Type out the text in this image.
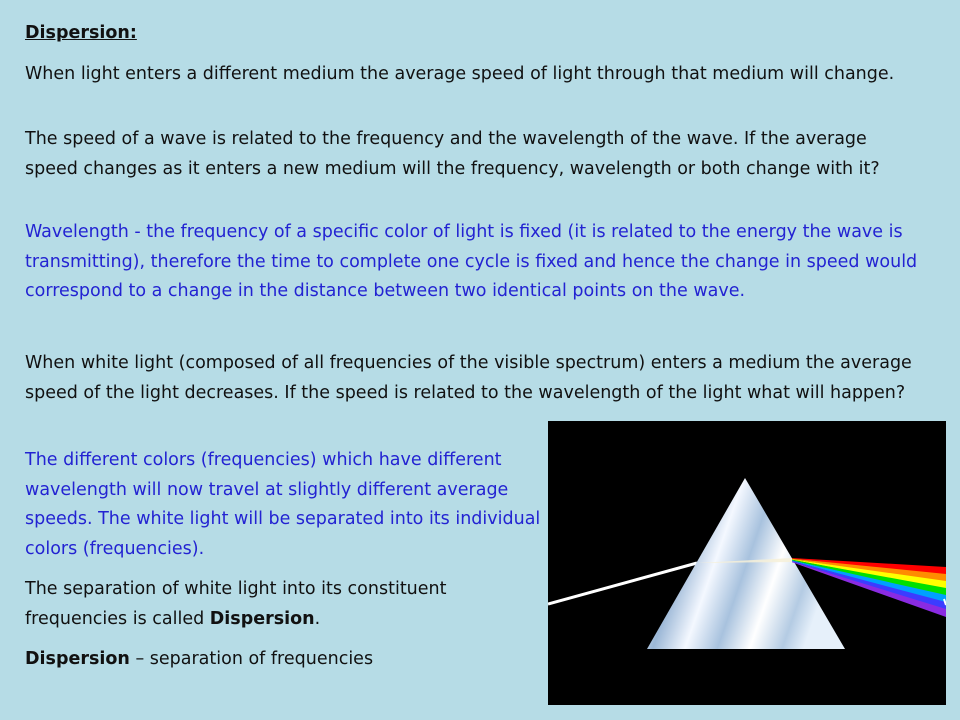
Dispersion:

When light enters a different medium the average speed of light through that medium will change.

The speed of a wave is related to the frequency and the wavelength of the wave. If the average speed changes as it enters a new medium will the frequency, wavelength or both change with it?

Wavelength - the frequency of a specific color of light is fixed (it is related to the energy the wave is transmitting), therefore the time to complete one cycle is fixed and hence the change in speed would correspond to a change in the distance between two identical points on the wave.

When white light (composed of all frequencies of the visible spectrum) enters a medium the average speed of the light decreases. If the speed is related to the wavelength of the light what will happen?

The different colors (frequencies) which have different wavelength will now travel at slightly different average speeds. The white light will be separated into its individual colors (frequencies).

The separation of white light into its constituent frequencies is called Dispersion.

Dispersion – separation of frequencies
